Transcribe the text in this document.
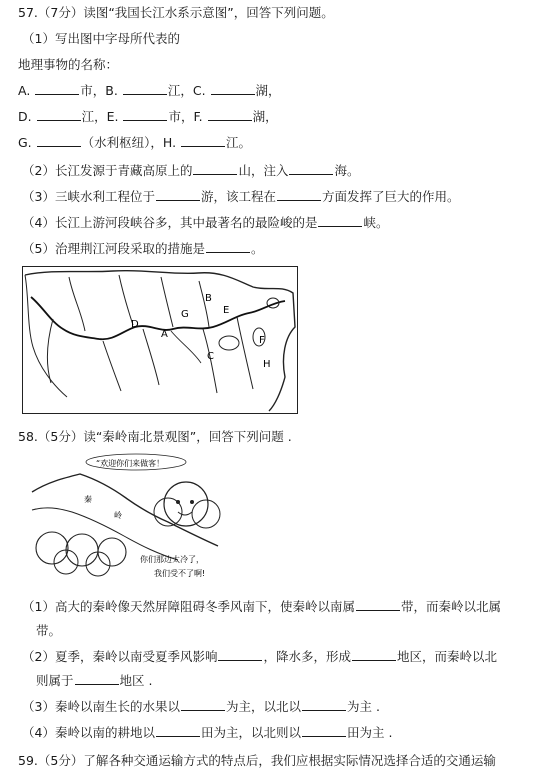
57.（7分）读图“我国长江水系示意图”，回答下列问题。
（1）写出图中字母所代表的
地理事物的名称：
A.	市，B.	江，C.	湖，
D.	江，E.	市，F.	湖，
G.	（水利枢纽），H.	江。
（2）长江发源于青藏高原上的	山，注入	海。
（3）三峡水利工程位于	游，该工程在	方面发挥了巨大的作用。
（4）长江上游河段峡谷多，其中最著名的最险峻的是	峡。
（5）治理荆江河段采取的措施是	。
A
B
C
D
E
F
G
H
58.（5分）读“秦岭南北景观图”，回答下列问题 .
“欢迎你们来做客！
秦
岭
你们那边太冷了，
我们受不了啊!
（1）高大的秦岭像天然屏障阻碍冬季风南下，使秦岭以南属	带，而秦岭以北属
带。
（2）夏季，秦岭以南受夏季风影响	，降水多，形成	地区，而秦岭以北
则属于	地区 .
（3）秦岭以南生长的水果以	为主，以北以	为主 .
（4）秦岭以南的耕地以	田为主，以北则以	田为主 .
59.（5分）了解各种交通运输方式的特点后，我们应根据实际情况选择合适的交通运输
